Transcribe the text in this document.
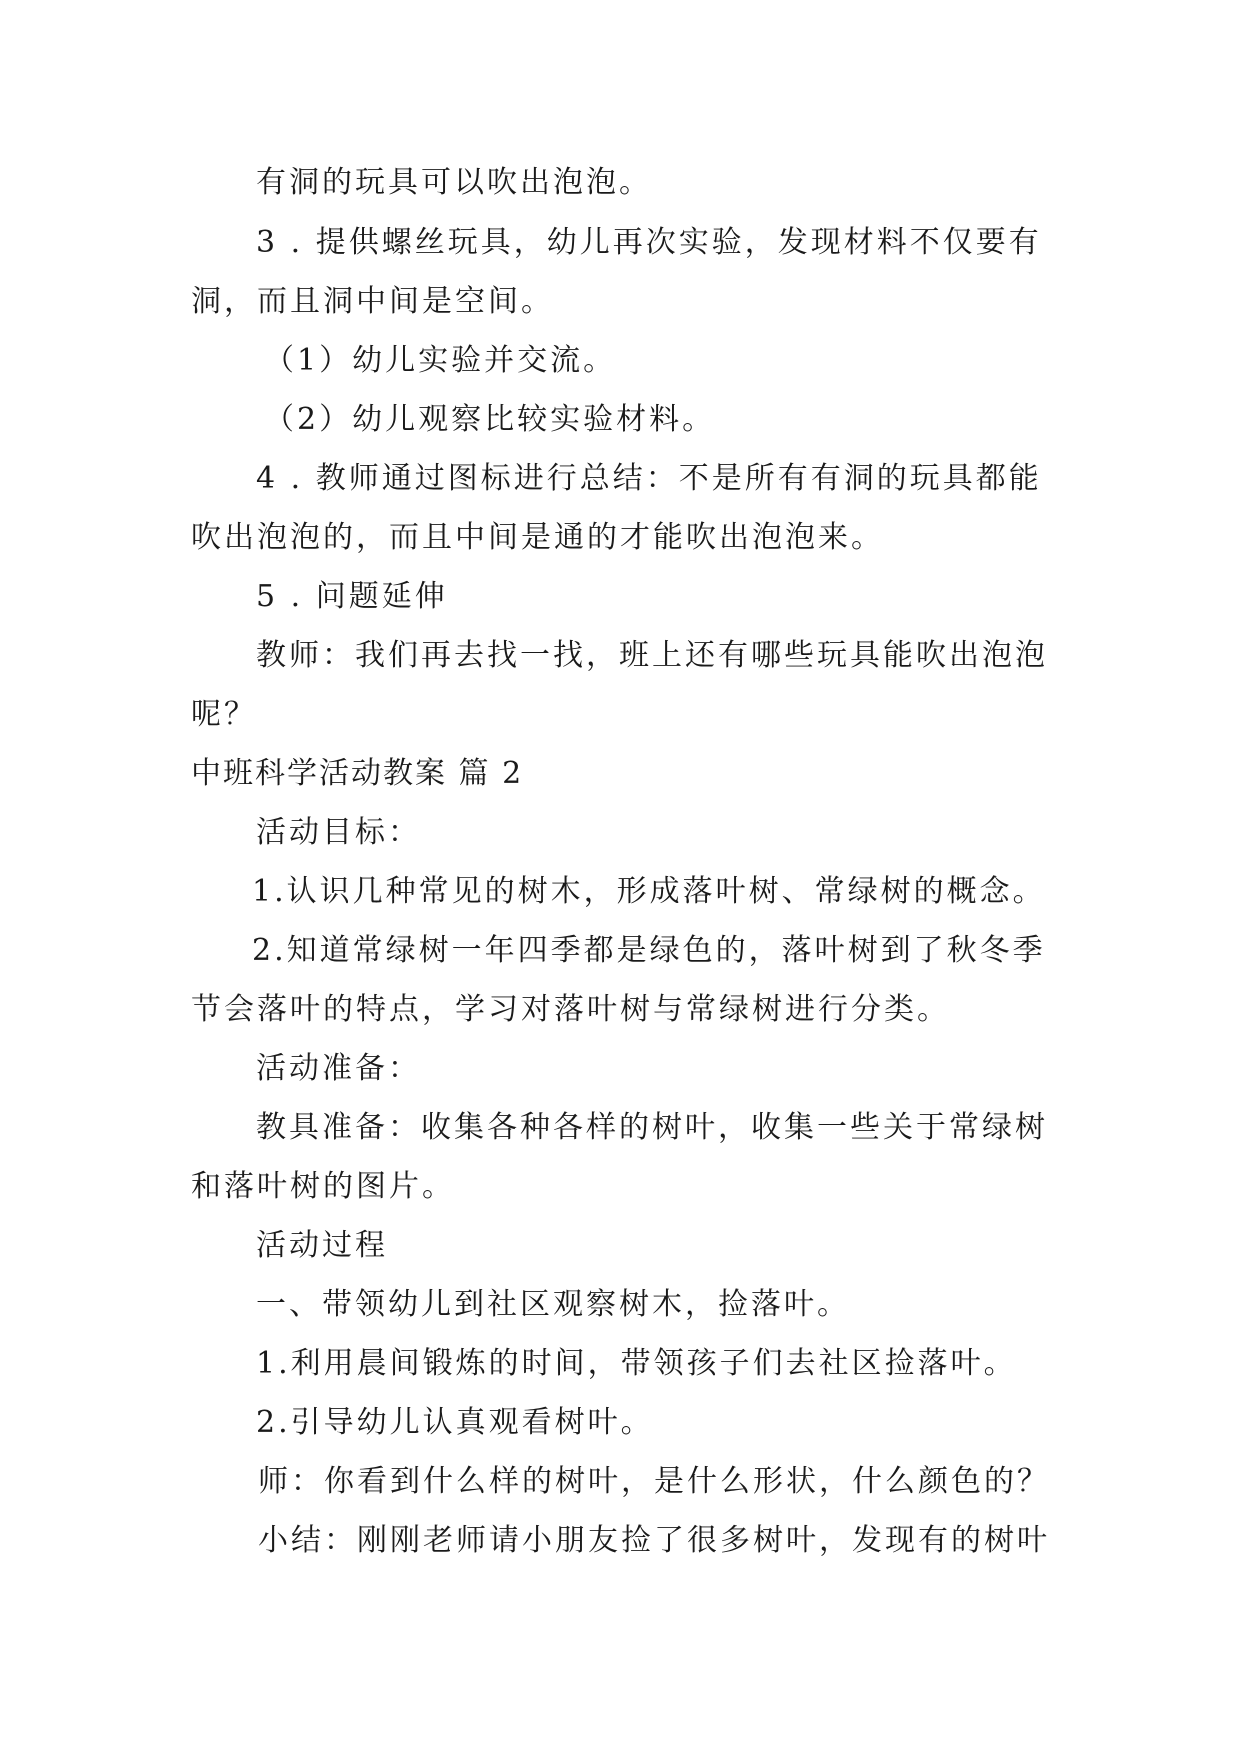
有洞的玩具可以吹出泡泡。
3 . 提供螺丝玩具，幼儿再次实验，发现材料不仅要有
洞，而且洞中间是空间。
（1）幼儿实验并交流。
（2）幼儿观察比较实验材料。
4 . 教师通过图标进行总结：不是所有有洞的玩具都能
吹出泡泡的，而且中间是通的才能吹出泡泡来。
5 . 问题延伸
教师：我们再去找一找，班上还有哪些玩具能吹出泡泡
呢？
中班科学活动教案 篇 2
活动目标：
1.认识几种常见的树木，形成落叶树、常绿树的概念。
2.知道常绿树一年四季都是绿色的，落叶树到了秋冬季
节会落叶的特点，学习对落叶树与常绿树进行分类。
活动准备：
教具准备：收集各种各样的树叶，收集一些关于常绿树
和落叶树的图片。
活动过程
一、带领幼儿到社区观察树木，捡落叶。
1.利用晨间锻炼的时间，带领孩子们去社区捡落叶。
2.引导幼儿认真观看树叶。
师：你看到什么样的树叶，是什么形状，什么颜色的？
小结：刚刚老师请小朋友捡了很多树叶，发现有的树叶
